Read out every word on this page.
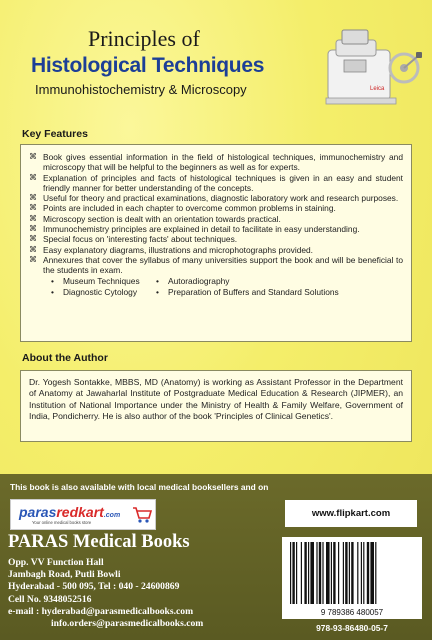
Principles of
Histological Techniques
Immunohistochemistry & Microscopy	Leica
Key Features
⌘ Book gives essential information in the field of histological techniques, immunochemistry and microscopy that will be helpful to the beginners as well as for experts.
⌘ Explanation of principles and facts of histological techniques is given in an easy and student friendly manner for better understanding of the concepts.
⌘ Useful for theory and practical examinations, diagnostic laboratory work and research purposes.
⌘ Points are included in each chapter to overcome common problems in staining.
⌘ Microscopy section is dealt with an orientation towards practical.
⌘ Immunochemistry principles are explained in detail to facilitate in easy understanding.
⌘ Special focus on 'interesting facts' about techniques.
⌘ Easy explanatory diagrams, illustrations and microphotographs provided.
⌘ Annexures that cover the syllabus of many universities support the book and will be beneficial to the students in exam.
• Museum Techniques	• Autoradiography
• Diagnostic Cytology	• Preparation of Buffers and Standard Solutions
About the Author

Dr. Yogesh Sontakke, MBBS, MD (Anatomy) is working as Assistant Professor in the Department of Anatomy at Jawaharlal Institute of Postgraduate Medical Education & Research (JIPMER), an Institution of National Importance under the Ministry of Health & Family Welfare, Government of India, Pondicherry. He is also author of the book 'Principles of Clinical Genetics'.

This book is also available with local medical booksellers and on
parasredkart.com
Your online medical books store
www.flipkart.com
PARAS Medical Books
Opp. VV Function Hall
Jambagh Road, Putli Bowli
Hyderabad - 500 095, Tel : 040 - 24600869
Cell No. 9348052516
e-mail : hyderabad@parasmedicalbooks.com
info.orders@parasmedicalbooks.com
9 789386 480057
978-93-86480-05-7
